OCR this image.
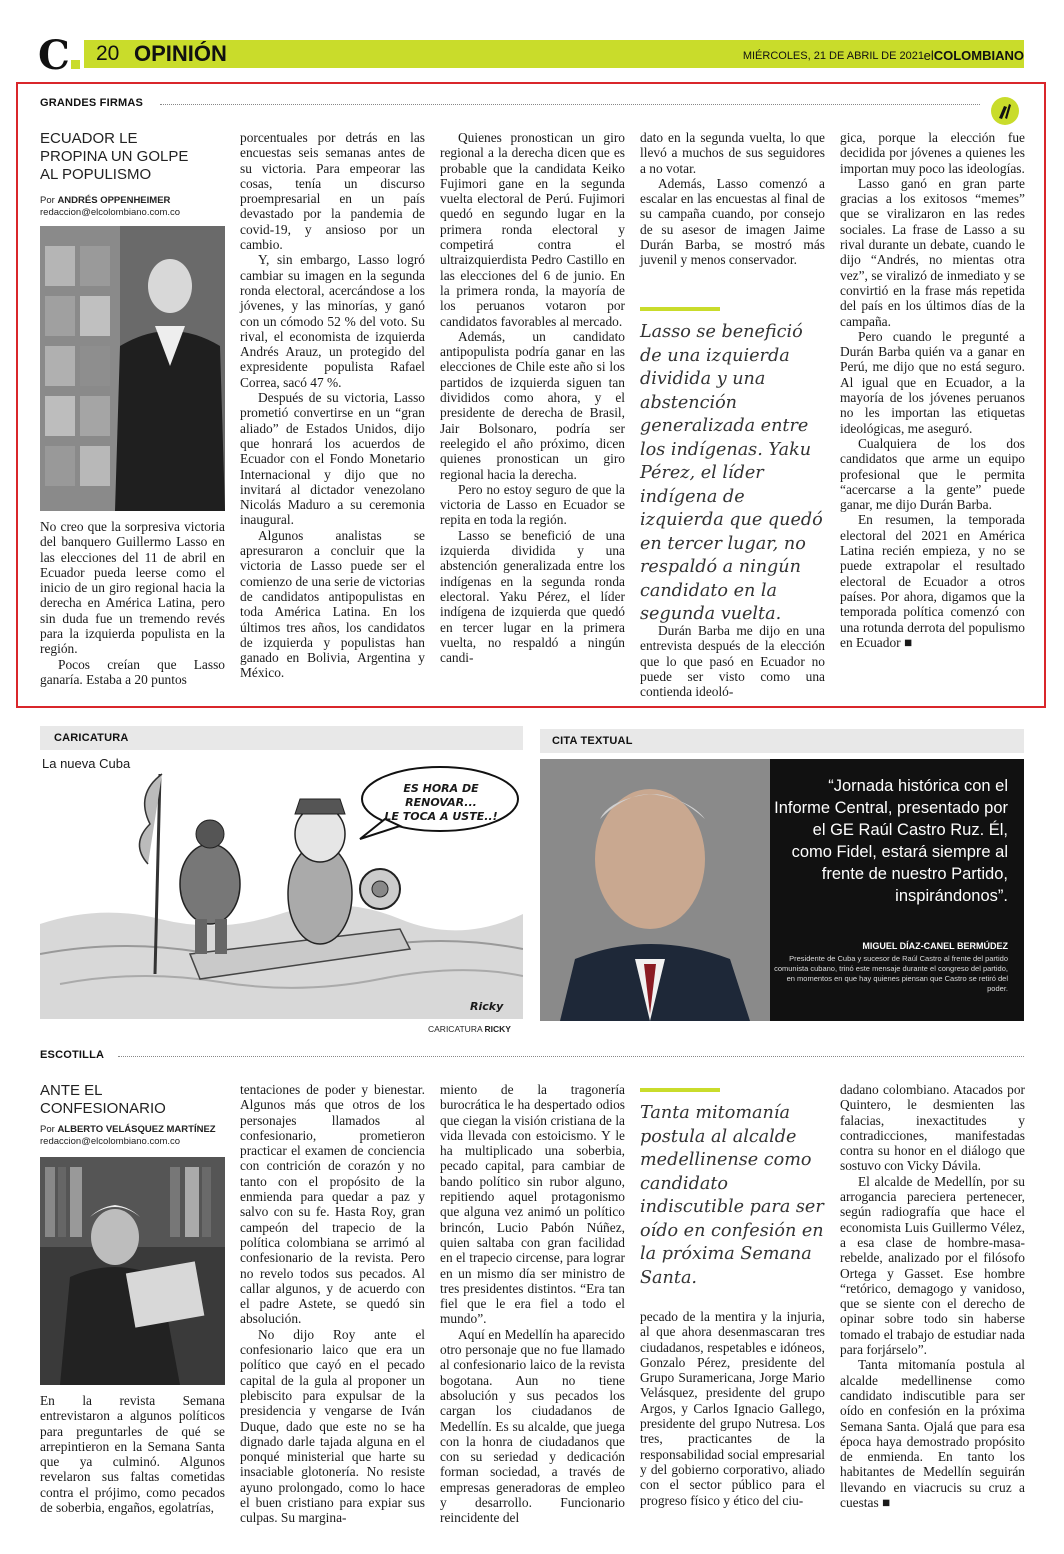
C	20 OPINIÓN	MIÉRCOLES, 21 DE ABRIL DE 2021 elCOLOMBIANO
GRANDES FIRMAS
ECUADOR LE PROPINA UN GOLPE AL POPULISMO
Por ANDRÉS OPPENHEIMER
redaccion@elcolombiano.com.co

No creo que la sorpresiva victoria del banquero Guillermo Lasso en las elecciones del 11 de abril en Ecuador pueda leerse como el inicio de un giro regional hacia la derecha en América Latina, pero sin duda fue un tremendo revés para la izquierda populista en la región.

Pocos creían que Lasso ganaría. Estaba a 20 puntos

porcentuales por detrás en las encuestas seis semanas antes de su victoria. Para empeorar las cosas, tenía un discurso proempresarial en un país devastado por la pandemia de covid-19, y ansioso por un cambio.

Y, sin embargo, Lasso logró cambiar su imagen en la segunda ronda electoral, acercándose a los jóvenes, y las minorías, y ganó con un cómodo 52 % del voto. Su rival, el economista de izquierda Andrés Arauz, un protegido del expresidente populista Rafael Correa, sacó 47 %.

Después de su victoria, Lasso prometió convertirse en un “gran aliado” de Estados Unidos, dijo que honrará los acuerdos de Ecuador con el Fondo Monetario Internacional y dijo que no invitará al dictador venezolano Nicolás Maduro a su ceremonia inaugural.

Algunos analistas se apresuraron a concluir que la victoria de Lasso puede ser el comienzo de una serie de victorias de candidatos antipopulistas en toda América Latina. En los últimos tres años, los candidatos de izquierda y populistas han ganado en Bolivia, Argentina y México.

Quienes pronostican un giro regional a la derecha dicen que es probable que la candidata Keiko Fujimori gane en la segunda vuelta electoral de Perú. Fujimori quedó en segundo lugar en la primera ronda electoral y competirá contra el ultraizquierdista Pedro Castillo en las elecciones del 6 de junio. En la primera ronda, la mayoría de los peruanos votaron por candidatos favorables al mercado.

Además, un candidato antipopulista podría ganar en las elecciones de Chile este año si los partidos de izquierda siguen tan divididos como ahora, y el presidente de derecha de Brasil, Jair Bolsonaro, podría ser reelegido el año próximo, dicen quienes pronostican un giro regional hacia la derecha.

Pero no estoy seguro de que la victoria de Lasso en Ecuador se repita en toda la región.

Lasso se benefició de una izquierda dividida y una abstención generalizada entre los indígenas en la segunda ronda electoral. Yaku Pérez, el líder indígena de izquierda que quedó en tercer lugar en la primera vuelta, no respaldó a ningún candi-

dato en la segunda vuelta, lo que llevó a muchos de sus seguidores a no votar.

Además, Lasso comenzó a escalar en las encuestas al final de su campaña cuando, por consejo de su asesor de imagen Jaime Durán Barba, se mostró más juvenil y menos conservador.

Lasso se benefició de una izquierda dividida y una abstención generalizada entre los indígenas. Yaku Pérez, el líder indígena de izquierda que quedó en tercer lugar, no respaldó a ningún candidato en la segunda vuelta.

Durán Barba me dijo en una entrevista después de la elección que lo que pasó en Ecuador no puede ser visto como una contienda ideoló-

gica, porque la elección fue decidida por jóvenes a quienes les importan muy poco las ideologías.

Lasso ganó en gran parte gracias a los exitosos “memes” que se viralizaron en las redes sociales. La frase de Lasso a su rival durante un debate, cuando le dijo “Andrés, no mientas otra vez”, se viralizó de inmediato y se convirtió en la frase más repetida del país en los últimos días de la campaña.

Pero cuando le pregunté a Durán Barba quién va a ganar en Perú, me dijo que no está seguro. Al igual que en Ecuador, a la mayoría de los jóvenes peruanos no les importan las etiquetas ideológicas, me aseguró.

Cualquiera de los dos candidatos que arme un equipo profesional que le permita “acercarse a la gente” puede ganar, me dijo Durán Barba.

En resumen, la temporada electoral del 2021 en América Latina recién empieza, y no se puede extrapolar el resultado electoral de Ecuador a otros países. Por ahora, digamos que la temporada política comenzó con una rotunda derrota del populismo en Ecuador ■

CARICATURA
La nueva Cuba
ES HORA DE RENOVAR...
LE TOCA A USTE..!
Ricky
CARICATURA RICKY
CITA TEXTUAL
“Jornada histórica con el Informe Central, presentado por el GE Raúl Castro Ruz. Él, como Fidel, estará siempre al frente de nuestro Partido, inspirándonos”.
MIGUEL DÍAZ-CANEL BERMÚDEZ
Presidente de Cuba y sucesor de Raúl Castro al frente del partido comunista cubano, trinó este mensaje durante el congreso del partido, en momentos en que hay quienes piensan que Castro se retiró del poder.
ESCOTILLA
ANTE EL CONFESIONARIO
Por ALBERTO VELÁSQUEZ MARTÍNEZ
redaccion@elcolombiano.com.co

En la revista Semana entrevistaron a algunos políticos para preguntarles de qué se arrepintieron en la Semana Santa que ya culminó. Algunos revelaron sus faltas cometidas contra el prójimo, como pecados de soberbia, engaños, egolatrías,

tentaciones de poder y bienestar. Algunos más que otros de los personajes llamados al confesionario, prometieron practicar el examen de conciencia con contrición de corazón y no tanto con el propósito de la enmienda para quedar a paz y salvo con su fe. Hasta Roy, gran campeón del trapecio de la política colombiana se arrimó al confesionario de la revista. Pero no revelo todos sus pecados. Al callar algunos, y de acuerdo con el padre Astete, se quedó sin absolución.

No dijo Roy ante el confesionario laico que era un político que cayó en el pecado capital de la gula al proponer un plebiscito para expulsar de la presidencia y vengarse de Iván Duque, dado que este no se ha dignado darle tajada alguna en el ponqué ministerial que harte su insaciable glotonería. No resiste ayuno prolongado, como lo hace el buen cristiano para expiar sus culpas. Su margina-

miento de la tragonería burocrática le ha despertado odios que ciegan la visión cristiana de la vida llevada con estoicismo. Y le ha multiplicado una soberbia, pecado capital, para cambiar de bando político sin rubor alguno, repitiendo aquel protagonismo que alguna vez animó un político brincón, Lucio Pabón Núñez, quien saltaba con gran facilidad en el trapecio circense, para lograr en un mismo día ser ministro de tres presidentes distintos. “Era tan fiel que le era fiel a todo el mundo”.

Aquí en Medellín ha aparecido otro personaje que no fue llamado al confesionario laico de la revista bogotana. Aun no tiene absolución y sus pecados los cargan los ciudadanos de Medellín. Es su alcalde, que juega con la honra de ciudadanos que con su seriedad y dedicación forman sociedad, a través de empresas generadoras de empleo y desarrollo. Funcionario reincidente del

Tanta mitomanía postula al alcalde medellinense como candidato indiscutible para ser oído en confesión en la próxima Semana Santa.

pecado de la mentira y la injuria, al que ahora desenmascaran tres ciudadanos, respetables e idóneos, Gonzalo Pérez, presidente del Grupo Suramericana, Jorge Mario Velásquez, presidente del grupo Argos, y Carlos Ignacio Gallego, presidente del grupo Nutresa. Los tres, practicantes de la responsabilidad social empresarial y del gobierno corporativo, aliado con el sector público para el progreso físico y ético del ciu-

dadano colombiano. Atacados por Quintero, le desmienten las falacias, inexactitudes y contradicciones, manifestadas contra su honor en el diálogo que sostuvo con Vicky Dávila.

El alcalde de Medellín, por su arrogancia pareciera pertenecer, según radiografía que hace el economista Luis Guillermo Vélez, a esa clase de hombre-masa-rebelde, analizado por el filósofo Ortega y Gasset. Ese hombre “retórico, demagogo y vanidoso, que se siente con el derecho de opinar sobre todo sin haberse tomado el trabajo de estudiar nada para forjárselo”.

Tanta mitomanía postula al alcalde medellinense como candidato indiscutible para ser oído en confesión en la próxima Semana Santa. Ojalá que para esa época haya demostrado propósito de enmienda. En tanto los habitantes de Medellín seguirán llevando en viacrucis su cruz a cuestas ■
